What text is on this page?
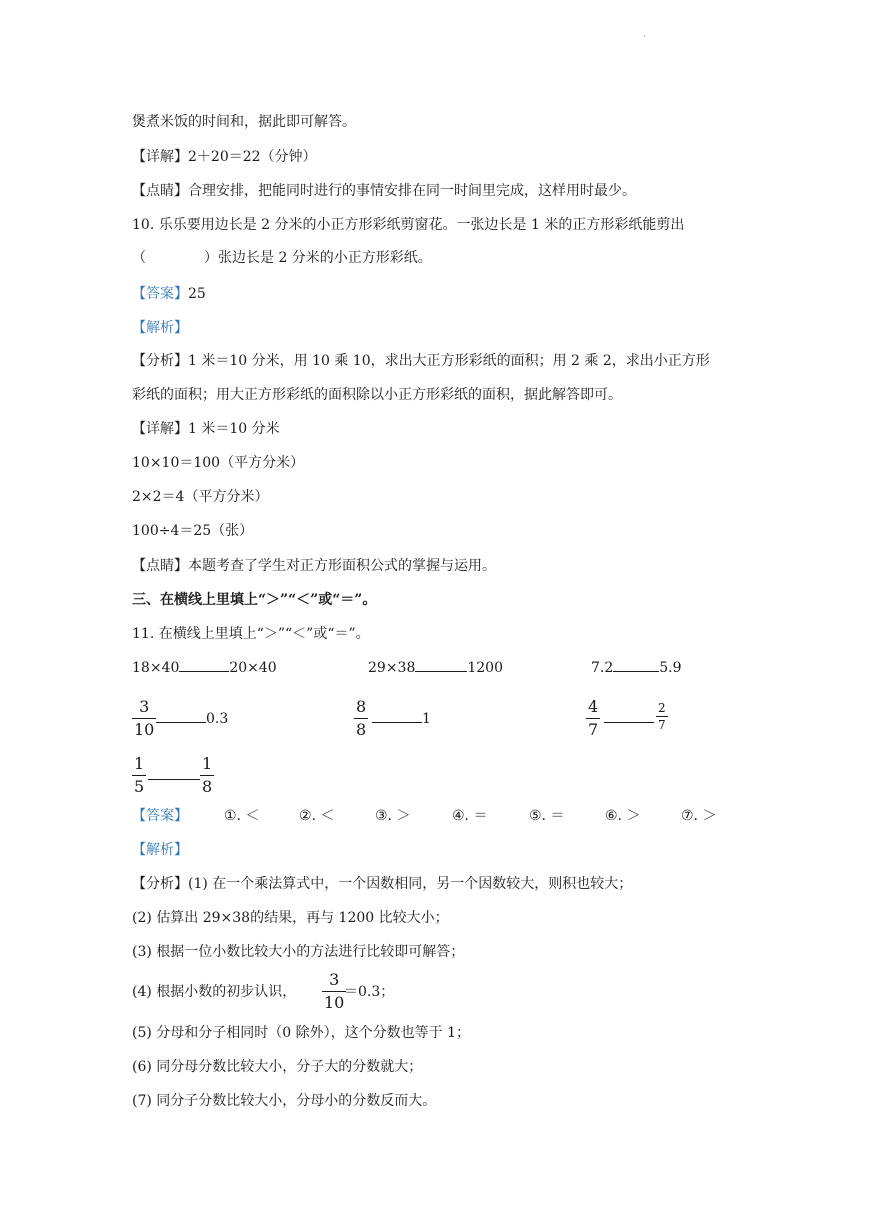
·
煲煮米饭的时间和，据此即可解答。
【详解】2＋20＝22（分钟）
【点睛】合理安排，把能同时进行的事情安排在同一时间里完成，这样用时最少。
10. 乐乐要用边长是 2 分米的小正方形彩纸剪窗花。一张边长是 1 米的正方形彩纸能剪出
（	）张边长是 2 分米的小正方形彩纸。
【答案】25
【解析】
【分析】1 米＝10 分米，用 10 乘 10，求出大正方形彩纸的面积；用 2 乘 2，求出小正方形
彩纸的面积；用大正方形彩纸的面积除以小正方形彩纸的面积，据此解答即可。
【详解】1 米＝10 分米
10×10＝100（平方分米）
2×2＝4（平方分米）
100÷4＝25（张）
【点睛】本题考查了学生对正方形面积公式的掌握与运用。
三、在横线上里填上“＞”“＜”或“＝”。
11. 在横线上里填上“＞”“＜”或“＝”。
18×40	20×40	29×38	1200	7.2	5.9
3
10
0.3
8
8
1
4
7
2
7
1
5
1
8
【答案】	①. ＜	②. ＜	③. ＞	④. ＝	⑤. ＝	⑥. ＞	⑦. ＞
【解析】
【分析】(1) 在一个乘法算式中，一个因数相同，另一个因数较大，则积也较大；
(2) 估算出 29×38的结果，再与 1200 比较大小；
(3) 根据一位小数比较大小的方法进行比较即可解答；
(4) 根据小数的初步认识，
3
10
＝0.3；
(5) 分母和分子相同时（0 除外），这个分数也等于 1；
(6) 同分母分数比较大小，分子大的分数就大；
(7) 同分子分数比较大小，分母小的分数反而大。
